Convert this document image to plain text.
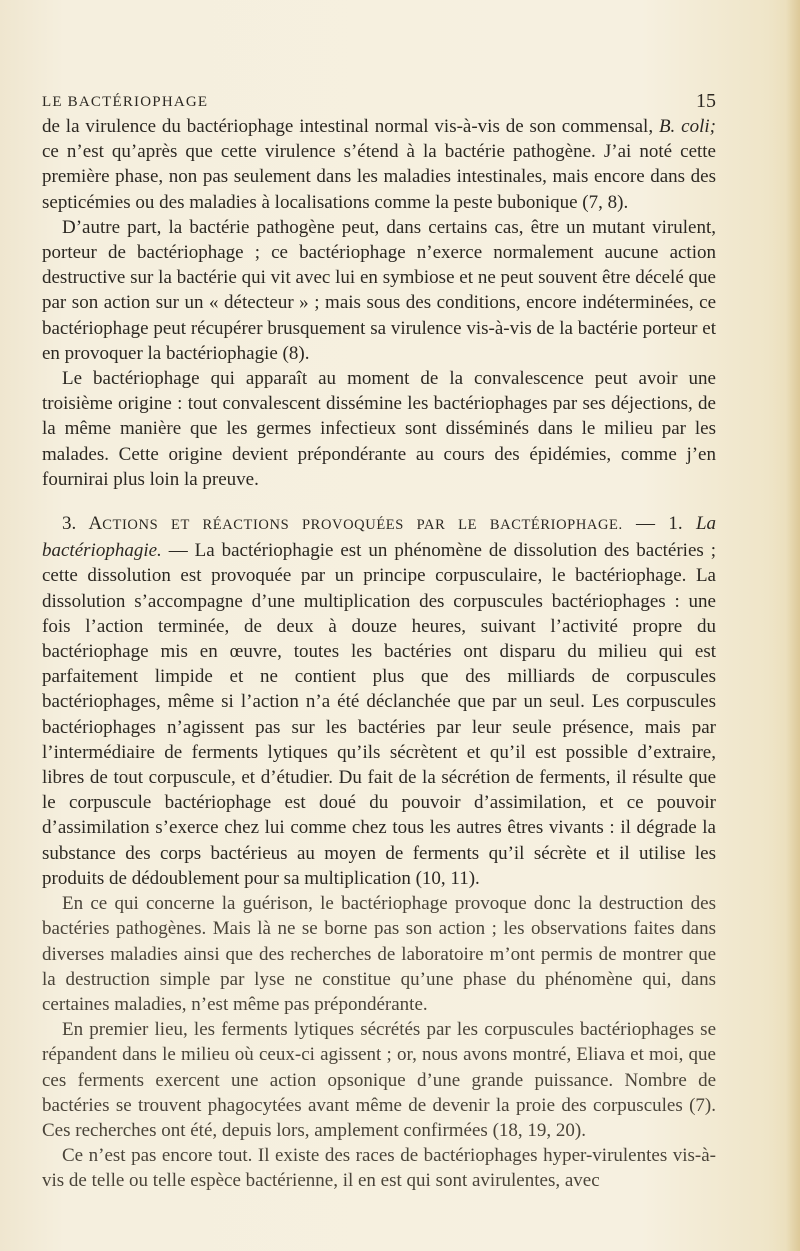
LE BACTÉRIOPHAGE	15

de la virulence du bactériophage intestinal normal vis-à-vis de son commensal, B. coli; ce n’est qu’après que cette virulence s’étend à la bactérie pathogène. J’ai noté cette première phase, non pas seulement dans les maladies intestinales, mais encore dans des septicémies ou des maladies à localisations comme la peste bubonique (7, 8).

D’autre part, la bactérie pathogène peut, dans certains cas, être un mutant virulent, porteur de bactériophage ; ce bactériophage n’exerce normalement aucune action destructive sur la bactérie qui vit avec lui en symbiose et ne peut souvent être décelé que par son action sur un « détecteur » ; mais sous des conditions, encore indéterminées, ce bactériophage peut récupérer brusquement sa virulence vis-à-vis de la bactérie porteur et en provoquer la bactériophagie (8).

Le bactériophage qui apparaît au moment de la convalescence peut avoir une troisième origine : tout convalescent dissémine les bactériophages par ses déjections, de la même manière que les germes infectieux sont disséminés dans le milieu par les malades. Cette origine devient prépondérante au cours des épidémies, comme j’en fournirai plus loin la preuve.

3. ACTIONS ET RÉACTIONS PROVOQUÉES PAR LE BACTÉRIOPHAGE. — 1. La bactériophagie. — La bactériophagie est un phénomène de dissolution des bactéries ; cette dissolution est provoquée par un principe corpusculaire, le bactériophage. La dissolution s’accompagne d’une multiplication des corpuscules bactériophages : une fois l’action terminée, de deux à douze heures, suivant l’activité propre du bactériophage mis en œuvre, toutes les bactéries ont disparu du milieu qui est parfaitement limpide et ne contient plus que des milliards de corpuscules bactériophages, même si l’action n’a été déclanchée que par un seul. Les corpuscules bactériophages n’agissent pas sur les bactéries par leur seule présence, mais par l’intermédiaire de ferments lytiques qu’ils sécrètent et qu’il est possible d’extraire, libres de tout corpuscule, et d’étudier. Du fait de la sécrétion de ferments, il résulte que le corpuscule bactériophage est doué du pouvoir d’assimilation, et ce pouvoir d’assimilation s’exerce chez lui comme chez tous les autres êtres vivants : il dégrade la substance des corps bactérieus au moyen de ferments qu’il sécrète et il utilise les produits de dédoublement pour sa multiplication (10, 11).

En ce qui concerne la guérison, le bactériophage provoque donc la destruction des bactéries pathogènes. Mais là ne se borne pas son action ; les observations faites dans diverses maladies ainsi que des recherches de laboratoire m’ont permis de montrer que la destruction simple par lyse ne constitue qu’une phase du phénomène qui, dans certaines maladies, n’est même pas prépondérante.

En premier lieu, les ferments lytiques sécrétés par les corpuscules bactériophages se répandent dans le milieu où ceux-ci agissent ; or, nous avons montré, Eliava et moi, que ces ferments exercent une action opsonique d’une grande puissance. Nombre de bactéries se trouvent phagocytées avant même de devenir la proie des corpuscules (7). Ces recherches ont été, depuis lors, amplement confirmées (18, 19, 20).

Ce n’est pas encore tout. Il existe des races de bactériophages hyper-virulentes vis-à-vis de telle ou telle espèce bactérienne, il en est qui sont avirulentes, avec
